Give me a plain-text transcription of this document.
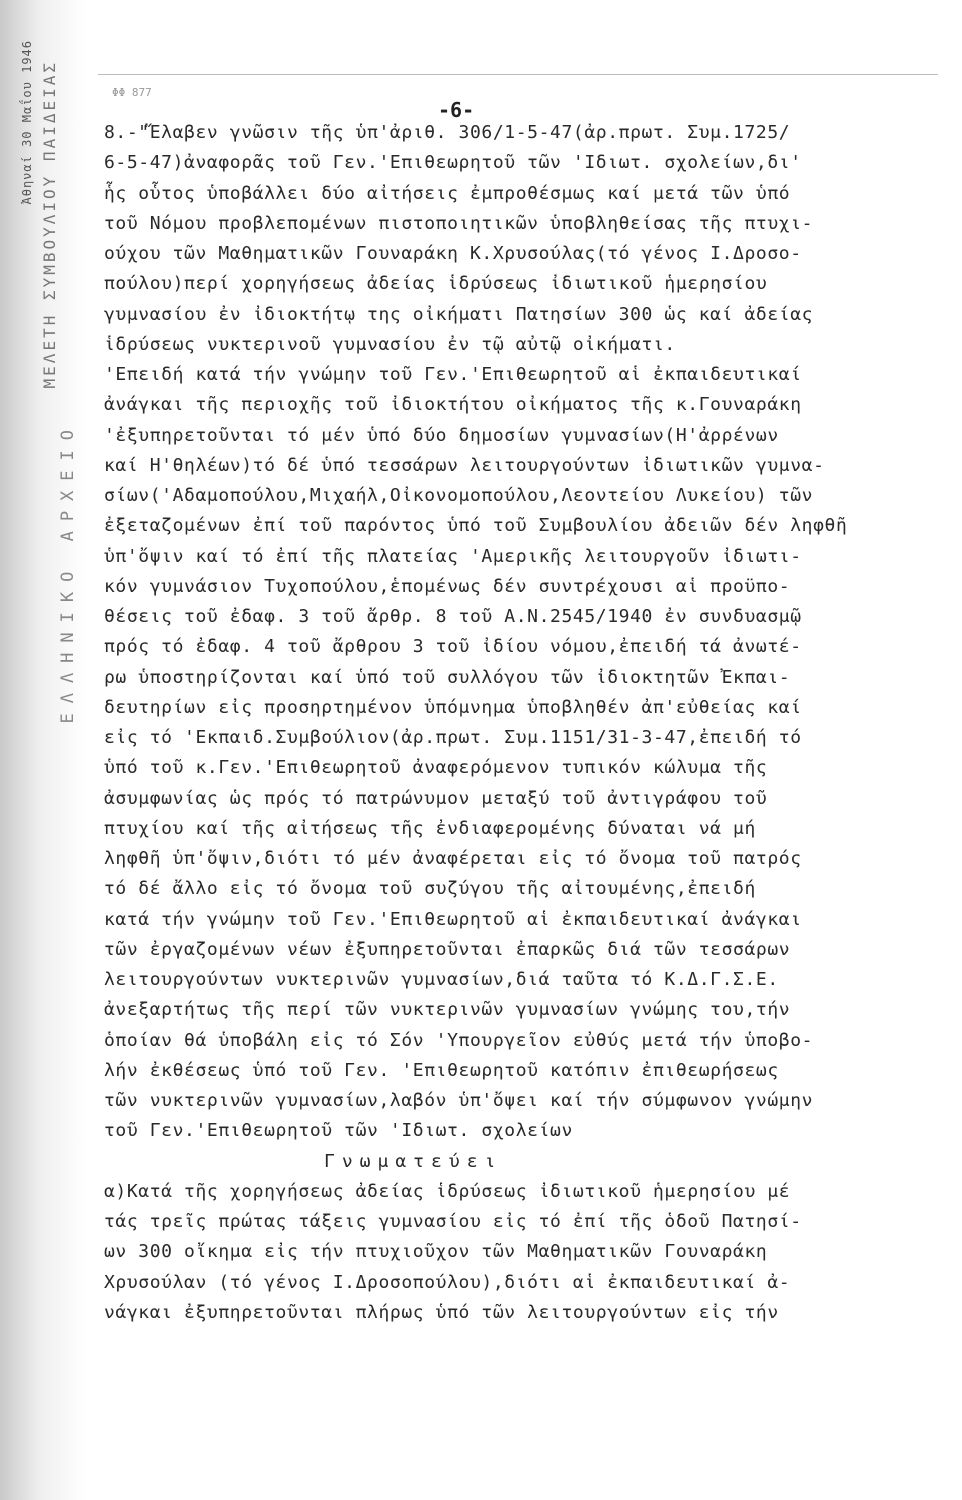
Ἀθηναί 30 Μαΐου 1946 ΜΕΛΕΤΗ ΣΥΜΒΟΥΛΙΟΥ ΠΑΙΔΕΙΑΣ
ΕΛΛΗΝΙΚΟ ΑΡΧΕΙΟ
ΦΦ 877
-6-
8.-"Ἔλαβεν γνῶσιν τῆς ὑπ'ἀριθ. 306/1-5-47(ἀρ.πρωτ. Συμ.1725/
6-5-47)ἀναφορᾶς τοῦ Γεν.'Επιθεωρητοῦ τῶν 'Ιδιωτ. σχολείων,δι'
ἧς οὗτος ὑποβάλλει δύο αἰτήσεις ἐμπροθέσμως καί μετά τῶν ὑπό
τοῦ Νόμου προβλεπομένων πιστοποιητικῶν ὑποβληθείσας τῆς πτυχι-
ούχου τῶν Μαθηματικῶν Γουναράκη Κ.Χρυσούλας(τό γένος Ι.Δροσο-
πούλου)περί χορηγήσεως ἀδείας ἱδρύσεως ἰδιωτικοῦ ἡμερησίου
γυμνασίου ἐν ἰδιοκτήτῳ της οἰκήματι Πατησίων 300 ὡς καί ἀδείας
ἱδρύσεως νυκτερινοῦ γυμνασίου ἐν τῷ αὐτῷ οἰκήματι.
'Επειδή κατά τήν γνώμην τοῦ Γεν.'Επιθεωρητοῦ αἱ ἐκπαιδευτικαί
ἀνάγκαι τῆς περιοχῆς τοῦ ἰδιοκτήτου οἰκήματος τῆς κ.Γουναράκη
'ἐξυπηρετοῦνται τό μέν ὑπό δύο δημοσίων γυμνασίων(Η'ἀρρένων
καί Η'θηλέων)τό δέ ὑπό τεσσάρων λειτουργούντων ἰδιωτικῶν γυμνα-
σίων('Αδαμοπούλου,Μιχαήλ,Οἰκονομοπούλου,Λεοντείου Λυκείου) τῶν
ἐξεταζομένων ἐπί τοῦ παρόντος ὑπό τοῦ Συμβουλίου ἀδειῶν δέν ληφθῆ
ὑπ'ὄψιν καί τό ἐπί τῆς πλατείας 'Αμερικῆς λειτουργοῦν ἰδιωτι-
κόν γυμνάσιον Τυχοπούλου,ἑπομένως δέν συντρέχουσι αἱ προϋπο-
θέσεις τοῦ ἐδαφ. 3 τοῦ ἄρθρ. 8 τοῦ Α.Ν.2545/1940 ἐν συνδυασμῷ
πρός τό ἐδαφ. 4 τοῦ ἄρθρου 3 τοῦ ἰδίου νόμου,ἐπειδή τά ἀνωτέ-
ρω ὑποστηρίζονται καί ὑπό τοῦ συλλόγου τῶν ἰδιοκτητῶν Ἐκπαι-
δευτηρίων εἰς προσηρτημένον ὑπόμνημα ὑποβληθέν ἀπ'εὐθείας καί
εἰς τό 'Εκπαιδ.Συμβούλιον(ἀρ.πρωτ. Συμ.1151/31-3-47,ἐπειδή τό
ὑπό τοῦ κ.Γεν.'Επιθεωρητοῦ ἀναφερόμενον τυπικόν κώλυμα τῆς
ἀσυμφωνίας ὡς πρός τό πατρώνυμον μεταξύ τοῦ ἀντιγράφου τοῦ
πτυχίου καί τῆς αἰτήσεως τῆς ἐνδιαφερομένης δύναται νά μή
ληφθῆ ὑπ'ὄψιν,διότι τό μέν ἀναφέρεται εἰς τό ὄνομα τοῦ πατρός
τό δέ ἄλλο εἰς τό ὄνομα τοῦ συζύγου τῆς αἰτουμένης,ἐπειδή
κατά τήν γνώμην τοῦ Γεν.'Επιθεωρητοῦ αἱ ἐκπαιδευτικαί ἀνάγκαι
τῶν ἐργαζομένων νέων ἐξυπηρετοῦνται ἐπαρκῶς διά τῶν τεσσάρων
λειτουργούντων νυκτερινῶν γυμνασίων,διά ταῦτα τό Κ.Δ.Γ.Σ.Ε.
ἀνεξαρτήτως τῆς περί τῶν νυκτερινῶν γυμνασίων γνώμης του,τήν
ὁποίαν θά ὑποβάλη εἰς τό Σόν 'Υπουργεῖον εὐθύς μετά τήν ὑποβο-
λήν ἐκθέσεως ὑπό τοῦ Γεν. 'Επιθεωρητοῦ κατόπιν ἐπιθεωρήσεως
τῶν νυκτερινῶν γυμνασίων,λαβόν ὑπ'ὄψει καί τήν σύμφωνον γνώμην
τοῦ Γεν.'Επιθεωρητοῦ τῶν 'Ιδιωτ. σχολείων
Γνωματεύει
α)Κατά τῆς χορηγήσεως ἀδείας ἱδρύσεως ἰδιωτικοῦ ἡμερησίου μέ
τάς τρεῖς πρώτας τάξεις γυμνασίου εἰς τό ἐπί τῆς ὁδοῦ Πατησί-
ων 300 οἴκημα εἰς τήν πτυχιοῦχον τῶν Μαθηματικῶν Γουναράκη
Χρυσούλαν (τό γένος Ι.Δροσοπούλου),διότι αἱ ἐκπαιδευτικαί ἀ-
νάγκαι ἐξυπηρετοῦνται πλήρως ὑπό τῶν λειτουργούντων εἰς τήν
